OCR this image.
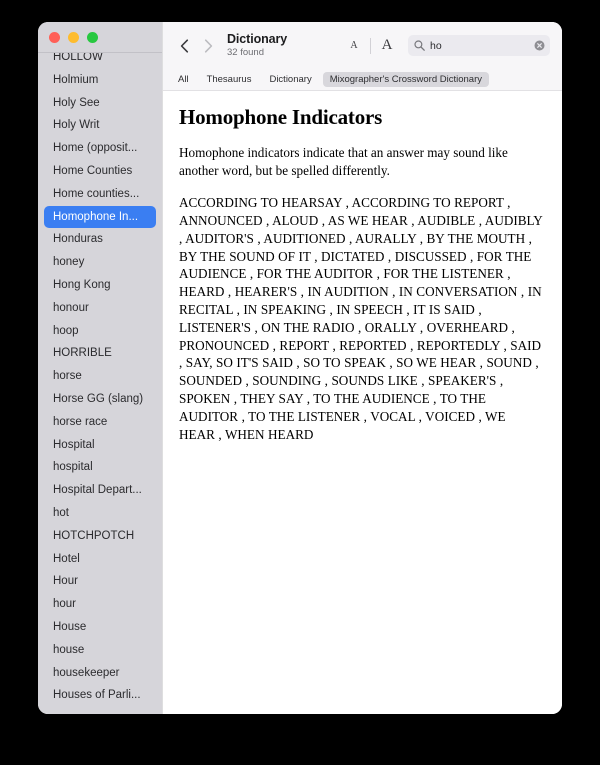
HOLLOW
Holmium
Holy See
Holy Writ
Home (opposit...
Home Counties
Home counties...
Homophone In...
Honduras
honey
Hong Kong
honour
hoop
HORRIBLE
horse
Horse GG (slang)
horse race
Hospital
hospital
Hospital Depart...
hot
HOTCHPOTCH
Hotel
Hour
hour
House
house
housekeeper
Houses of Parli...
Dictionary
32 found
A	A	ho
All	Thesaurus	Dictionary	Mixographer's Crossword Dictionary
Homophone Indicators

Homophone indicators indicate that an answer may sound like another word, but be spelled differently.

ACCORDING TO HEARSAY , ACCORDING TO REPORT , ANNOUNCED , ALOUD , AS WE HEAR , AUDIBLE , AUDIBLY , AUDITOR'S , AUDITIONED , AURALLY , BY THE MOUTH , BY THE SOUND OF IT , DICTATED , DISCUSSED , FOR THE AUDIENCE , FOR THE AUDITOR , FOR THE LISTENER , HEARD , HEARER'S , IN AUDITION , IN CONVERSATION , IN RECITAL , IN SPEAKING , IN SPEECH , IT IS SAID , LISTENER'S , ON THE RADIO , ORALLY , OVERHEARD , PRONOUNCED , REPORT , REPORTED , REPORTEDLY , SAID , SAY, SO IT'S SAID , SO TO SPEAK , SO WE HEAR , SOUND , SOUNDED , SOUNDING , SOUNDS LIKE , SPEAKER'S , SPOKEN , THEY SAY , TO THE AUDIENCE , TO THE AUDITOR , TO THE LISTENER , VOCAL , VOICED , WE HEAR , WHEN HEARD
